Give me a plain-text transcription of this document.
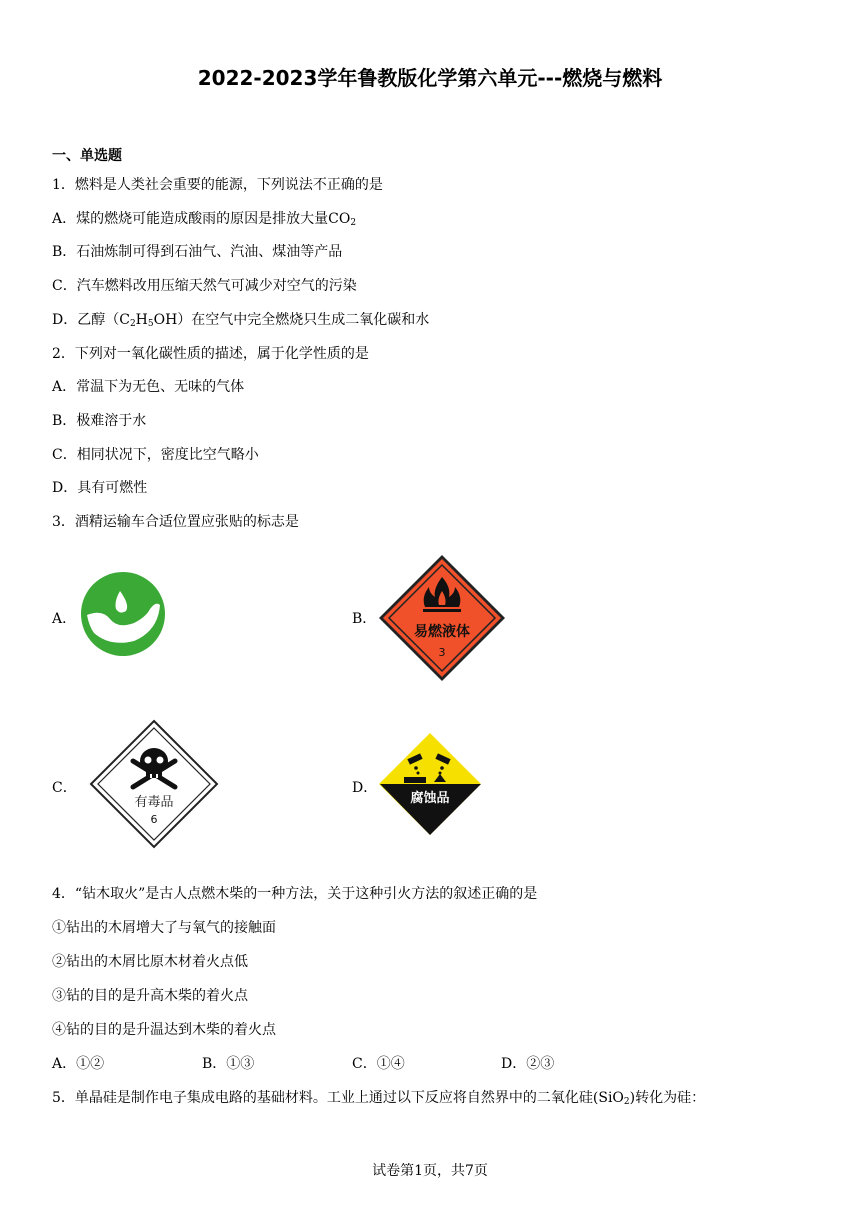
2022-2023学年鲁教版化学第六单元---燃烧与燃料
一、单选题
1．燃料是人类社会重要的能源，下列说法不正确的是
A．煤的燃烧可能造成酸雨的原因是排放大量$CO_2$
B．石油炼制可得到石油气、汽油、煤油等产品
C．汽车燃料改用压缩天然气可减少对空气的污染
D．乙醇$(C_2H_5OH)$在空气中完全燃烧只生成二氧化碳和水
2．下列对一氧化碳性质的描述，属于化学性质的是
A．常温下为无色、无味的气体
B．极难溶于水
C．相同状况下，密度比空气略小
D．具有可燃性
3．酒精运输车合适位置应张贴的标志是
A．	B．
易燃液体
3
C．
有毒品
6
D．
腐蚀品
4．“钻木取火”是古人点燃木柴的一种方法，关于这种引火方法的叙述正确的是
①钻出的木屑增大了与氧气的接触面
②钻出的木屑比原木材着火点低
③钻的目的是升高木柴的着火点
④钻的目的是升温达到木柴的着火点
A．①②	B．①③	C．①④	D．②③
5．单晶硅是制作电子集成电路的基础材料。工业上通过以下反应将自然界中的二氧化硅(SiO$_2$)转化为硅：
试卷第1页，共7页
